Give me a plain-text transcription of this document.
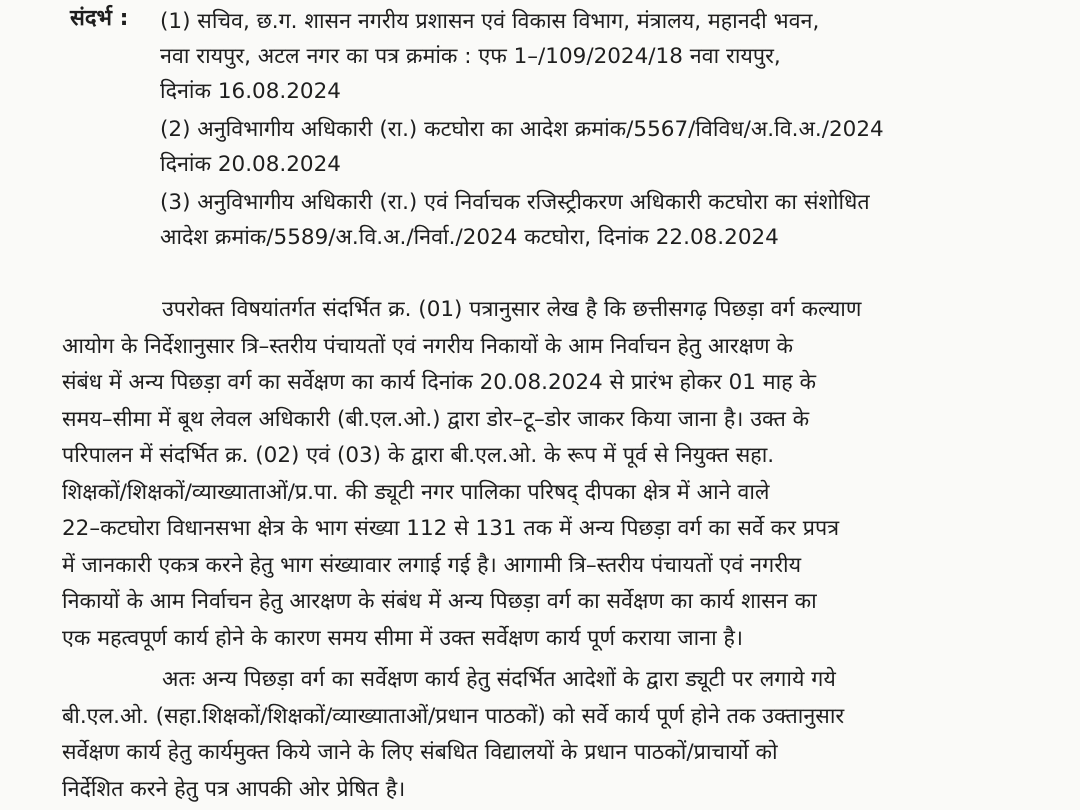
संदर्भ : (1) सचिव, छ.ग. शासन नगरीय प्रशासन एवं विकास विभाग, मंत्रालय, महानदी भवन,
नवा रायपुर, अटल नगर का पत्र क्रमांक : एफ 1–/109/2024/18 नवा रायपुर,
दिनांक 16.08.2024
(2) अनुविभागीय अधिकारी (रा.) कटघोरा का आदेश क्रमांक/5567/विविध/अ.वि.अ./2024
दिनांक 20.08.2024
(3) अनुविभागीय अधिकारी (रा.) एवं निर्वाचक रजिस्ट्रीकरण अधिकारी कटघोरा का संशोधित
आदेश क्रमांक/5589/अ.वि.अ./निर्वा./2024 कटघोरा, दिनांक 22.08.2024
उपरोक्त विषयांतर्गत संदर्भित क्र. (01) पत्रानुसार लेख है कि छत्तीसगढ़ पिछड़ा वर्ग कल्याण
आयोग के निर्देशानुसार त्रि–स्तरीय पंचायतों एवं नगरीय निकायों के आम निर्वाचन हेतु आरक्षण के
संबंध में अन्य पिछड़ा वर्ग का सर्वेक्षण का कार्य दिनांक 20.08.2024 से प्रारंभ होकर 01 माह के
समय–सीमा में बूथ लेवल अधिकारी (बी.एल.ओ.) द्वारा डोर–टू–डोर जाकर किया जाना है। उक्त के
परिपालन में संदर्भित क्र. (02) एवं (03) के द्वारा बी.एल.ओ. के रूप में पूर्व से नियुक्त सहा.
शिक्षकों/शिक्षकों/व्याख्याताओं/प्र.पा. की ड्यूटी नगर पालिका परिषद् दीपका क्षेत्र में आने वाले
22–कटघोरा विधानसभा क्षेत्र के भाग संख्या 112 से 131 तक में अन्य पिछड़ा वर्ग का सर्वे कर प्रपत्र
में जानकारी एकत्र करने हेतु भाग संख्यावार लगाई गई है। आगामी त्रि–स्तरीय पंचायतों एवं नगरीय
निकायों के आम निर्वाचन हेतु आरक्षण के संबंध में अन्य पिछड़ा वर्ग का सर्वेक्षण का कार्य शासन का
एक महत्वपूर्ण कार्य होने के कारण समय सीमा में उक्त सर्वेक्षण कार्य पूर्ण कराया जाना है।
अतः अन्य पिछड़ा वर्ग का सर्वेक्षण कार्य हेतु संदर्भित आदेशों के द्वारा ड्यूटी पर लगाये गये
बी.एल.ओ. (सहा.शिक्षकों/शिक्षकों/व्याख्याताओं/प्रधान पाठकों) को सर्वे कार्य पूर्ण होने तक उक्तानुसार
सर्वेक्षण कार्य हेतु कार्यमुक्त किये जाने के लिए संबधित विद्यालयों के प्रधान पाठकों/प्राचार्यो को
निर्देशित करने हेतु पत्र आपकी ओर प्रेषित है।
